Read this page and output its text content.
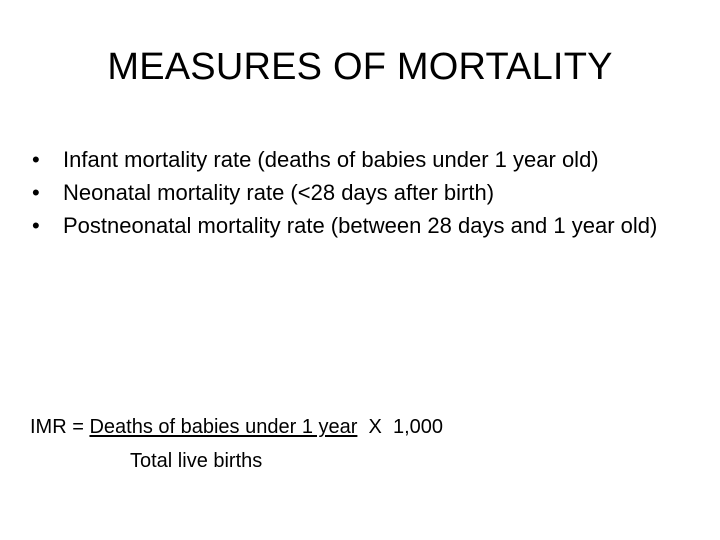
MEASURES OF MORTALITY
•	Infant mortality rate (deaths of babies under 1 year old)
•	Neonatal mortality rate (<28 days after birth)
•	Postneonatal mortality rate (between 28 days and 1 year old)
IMR = Deaths of babies under 1 year  X  1,000
Total live births
